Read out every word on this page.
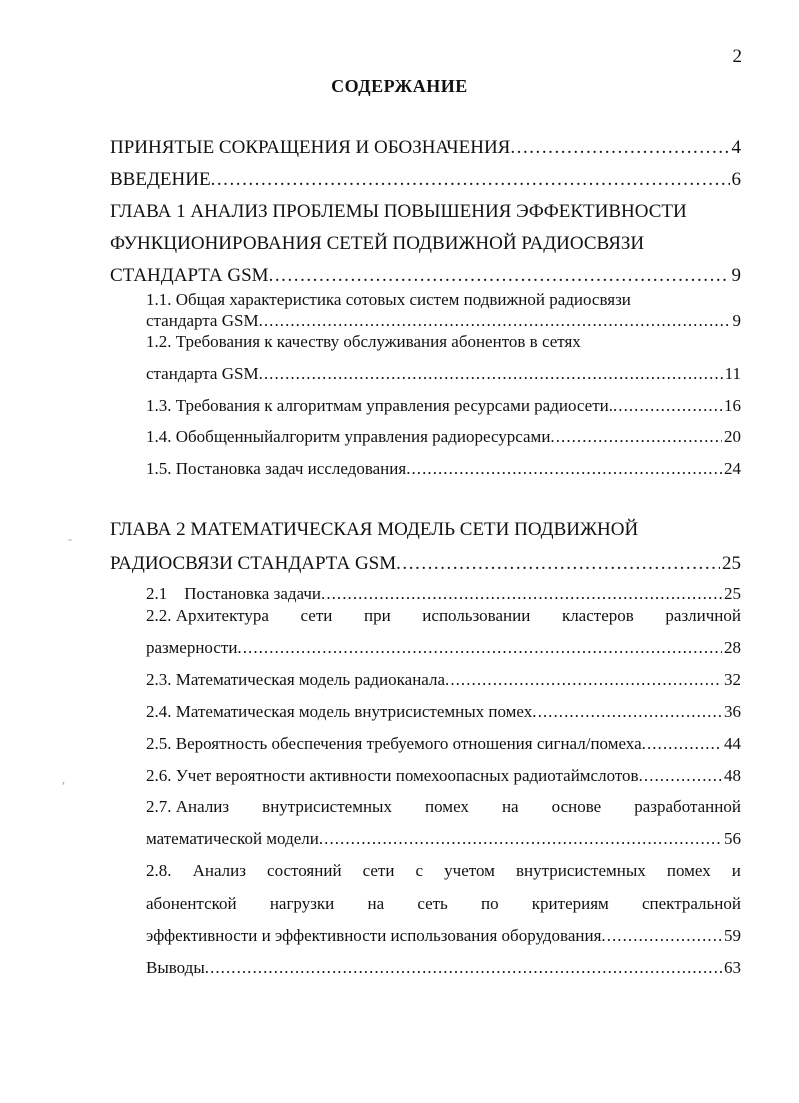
2
СОДЕРЖАНИЕ
ПРИНЯТЫЕ СОКРАЩЕНИЯ И ОБОЗНАЧЕНИЯ . . .	4
ВВЕДЕНИЕ . . .	6
ГЛАВА 1 АНАЛИЗ ПРОБЛЕМЫ ПОВЫШЕНИЯ ЭФФЕКТИВНОСТИ
ФУНКЦИОНИРОВАНИЯ СЕТЕЙ ПОДВИЖНОЙ РАДИОСВЯЗИ
СТАНДАРТА GSM . . .	9
1.1. Общая характеристика сотовых систем подвижной радиосвязи
стандарта GSM . . .	9
1.2. Требования к качеству обслуживания абонентов в сетях
стандарта GSM . . .	11
1.3. Требования к алгоритмам управления ресурсами радиосети. . . .	16
1.4. Обобщенныйалгоритм управления радиоресурсами . . .	20
1.5. Постановка задач исследования . . .	24
- ГЛАВА 2 МАТЕМАТИЧЕСКАЯ МОДЕЛЬ СЕТИ ПОДВИЖНОЙ
РАДИОСВЯЗИ СТАНДАРТА GSM . . .	25
2.1    Постановка задачи . . .	25
2.2. Архитектура сети при использовании кластеров различной
размерности . . .	28
2.3. Математическая модель радиоканала . . .	32
2.4. Математическая модель внутрисистемных помех . . .	36
2.5. Вероятность обеспечения требуемого отношения сигнал/помеха . . .	44
2.6. Учет вероятности активности помехоопасных радиотаймслотов . . .	48
,
2.7. Анализ внутрисистемных помех на основе разработанной
математической модели . . .	56
2.8. Анализ состояний сети с учетом внутрисистемных помех и
абонентской нагрузки на сеть по критериям спектральной
эффективности и эффективности использования оборудования . . .	59
Выводы . . .	63
